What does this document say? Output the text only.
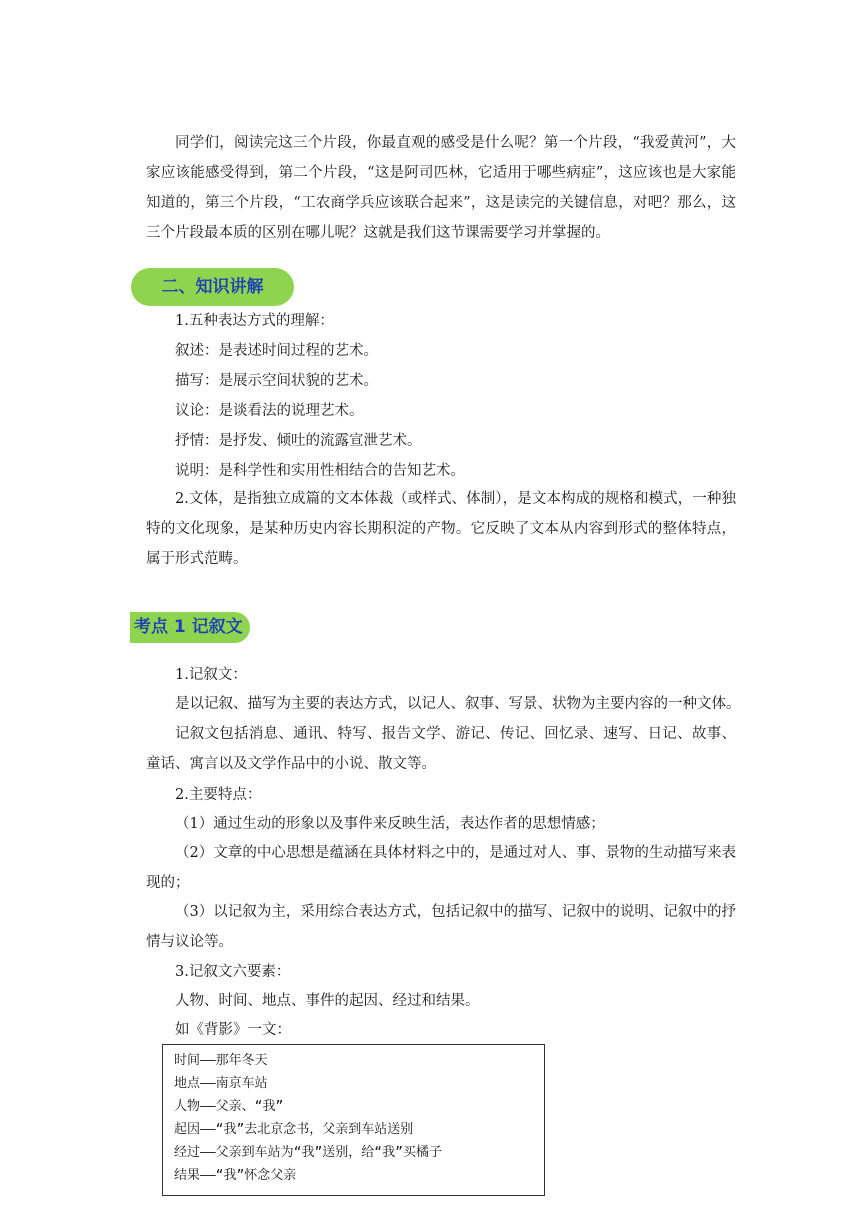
同学们，阅读完这三个片段，你最直观的感受是什么呢？第一个片段，“我爱黄河”，大家应该能感受得到，第二个片段，“这是阿司匹林，它适用于哪些病症”，这应该也是大家能知道的，第三个片段，“工农商学兵应该联合起来”，这是读完的关键信息，对吧？那么，这三个片段最本质的区别在哪儿呢？这就是我们这节课需要学习并掌握的。

二、知识讲解

1.五种表达方式的理解：

叙述：是表述时间过程的艺术。

描写：是展示空间状貌的艺术。

议论：是谈看法的说理艺术。

抒情：是抒发、倾吐的流露宣泄艺术。

说明：是科学性和实用性相结合的告知艺术。

2.文体，是指独立成篇的文本体裁（或样式、体制），是文本构成的规格和模式，一种独特的文化现象，是某种历史内容长期积淀的产物。它反映了文本从内容到形式的整体特点，属于形式范畴。

考点 1 记叙文

1.记叙文：

是以记叙、描写为主要的表达方式，以记人、叙事、写景、状物为主要内容的一种文体。

记叙文包括消息、通讯、特写、报告文学、游记、传记、回忆录、速写、日记、故事、童话、寓言以及文学作品中的小说、散文等。

2.主要特点：

（1）通过生动的形象以及事件来反映生活，表达作者的思想情感；

（2）文章的中心思想是蕴涵在具体材料之中的，是通过对人、事、景物的生动描写来表现的；

（3）以记叙为主，采用综合表达方式，包括记叙中的描写、记叙中的说明、记叙中的抒情与议论等。

3.记叙文六要素：

人物、时间、地点、事件的起因、经过和结果。

如《背影》一文：

时间——那年冬天
地点——南京车站
人物——父亲、“我”
起因——“我”去北京念书，父亲到车站送别
经过——父亲到车站为“我”送别，给“我”买橘子
结果——“我”怀念父亲
